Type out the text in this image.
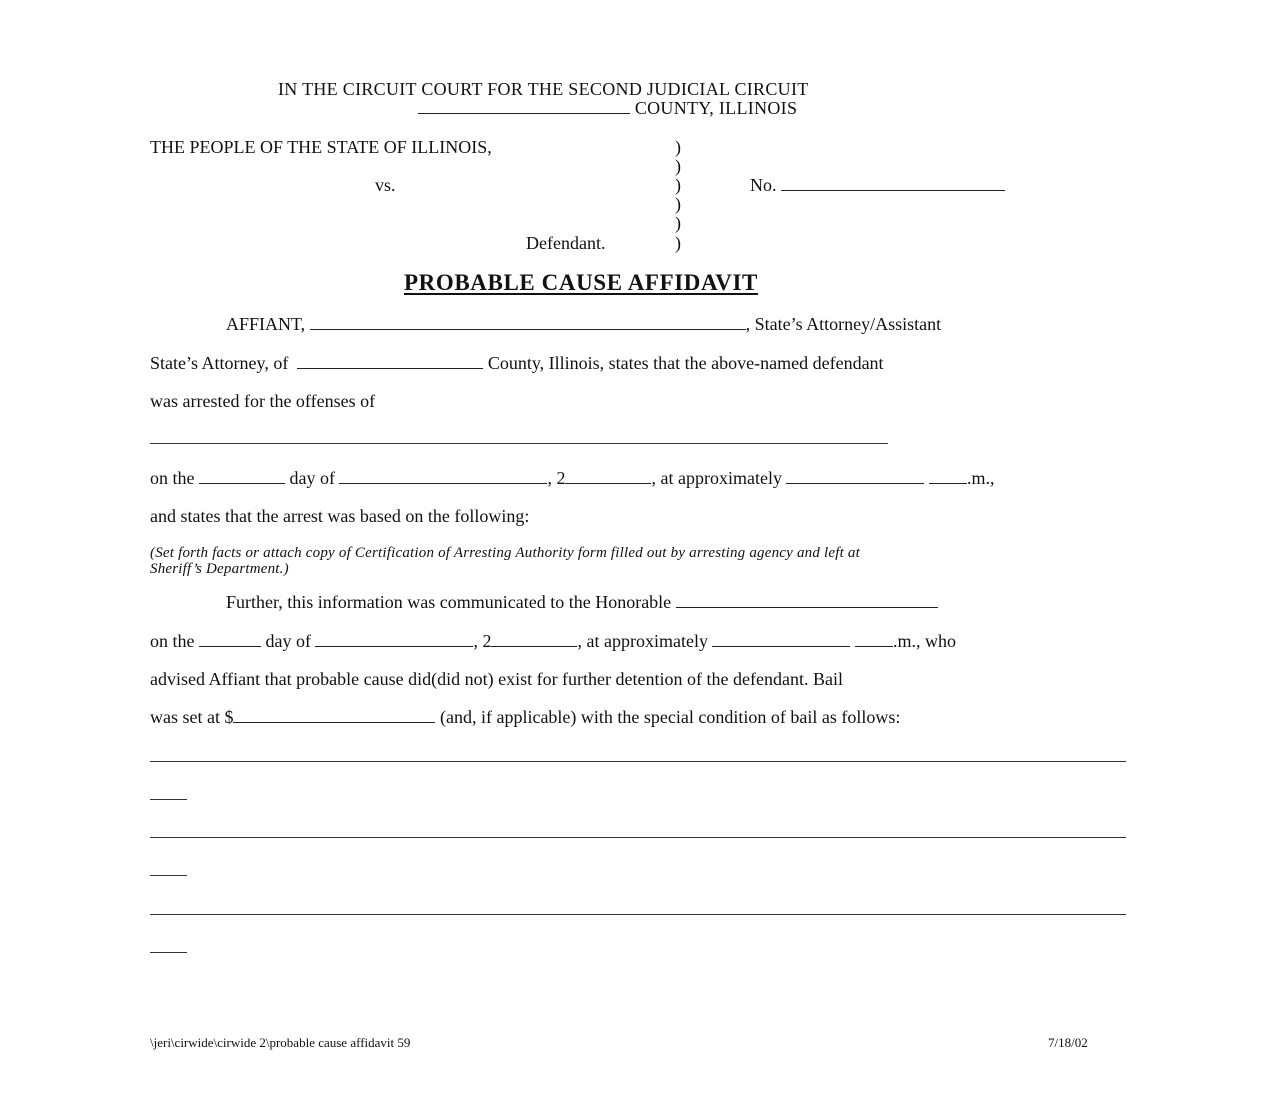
IN THE CIRCUIT COURT FOR THE SECOND JUDICIAL CIRCUIT
COUNTY, ILLINOIS
THE PEOPLE OF THE STATE OF ILLINOIS,
vs.
Defendant.
)
)
)
)
)
)
No.
PROBABLE CAUSE AFFIDAVIT
AFFIANT,	, State’s Attorney/Assistant
State’s Attorney, of	County, Illinois, states that the above-named defendant
was arrested for the offenses of
on the	day of	, 2	, at approximately	.m.,
and states that the arrest was based on the following:
(Set forth facts or attach copy of Certification of Arresting Authority form filled out by arresting agency and left at
Sheriff’s Department.)
Further, this information was communicated to the Honorable
on the	day of	, 2	, at approximately	.m., who
advised Affiant that probable cause did(did not) exist for further detention of the defendant. Bail
was set at $	(and, if applicable) with the special condition of bail as follows:
\jeri\cirwide\cirwide 2\probable cause affidavit 59	7/18/02
